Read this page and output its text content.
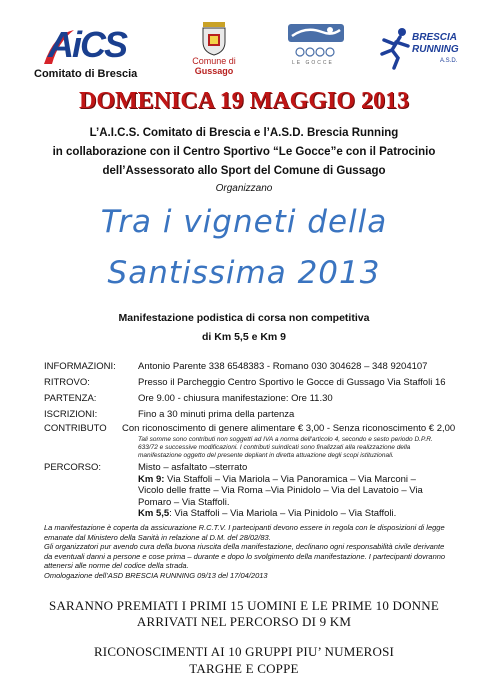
AiCS
Comitato di Brescia
Comune di
Gussago
LE GOCCE
BRESCIA
RUNNING
A.S.D.
DOMENICA 19 MAGGIO 2013
L’A.I.C.S. Comitato di Brescia e l’A.S.D. Brescia Running
in collaborazione con il Centro Sportivo “Le Gocce”e con il Patrocinio
dell’Assessorato allo Sport del Comune di Gussago
Organizzano
Tra i vigneti della
Santissima 2013
Manifestazione podistica di corsa non competitiva
di Km 5,5 e Km 9
INFORMAZIONI: Antonio Parente 338 6548383 - Romano 030 304628 – 348 9204107
RITROVO:	Presso il Parcheggio Centro Sportivo le Gocce di Gussago Via Staffoli 16
PARTENZA:	Ore 9.00 - chiusura manifestazione: Ore 11.30
ISCRIZIONI:	Fino a 30 minuti prima della partenza
CONTRIBUTO Con riconoscimento di genere alimentare € 3,00 - Senza riconoscimento € 2,00
Tali somme sono contributi non soggetti ad IVA a norma dell'articolo 4, secondo e sesto periodo D.P.R. 633/72 e successive modificazioni. I contributi suindicati sono finalizzati alla realizzazione della manifestazione oggetto del presente depliant in diretta attuazione degli scopi istituzionali.
PERCORSO:	Misto – asfaltato –sterrato
Km 9: Via Staffoli – Via Mariola – Via Panoramica – Via Marconi – Vicolo delle fratte – Via Roma –Via Pinidolo – Via del Lavatoio – Via Pomaro – Via Staffoli.
Km 5,5: Via Staffoli – Via Mariola – Via Pinidolo – Via Staffoli.
La manifestazione è coperta da assicurazione R.C.T.V. I partecipanti devono essere in regola con le disposizioni di legge emanate dal Ministero della Sanità in relazione al D.M. del 28/02/83.
Gli organizzatori pur avendo cura della buona riuscita della manifestazione, declinano ogni responsabilità civile derivante da eventuali danni a persone e cose prima – durante e dopo lo svolgimento della manifestazione. I partecipanti dovranno attenersi alle norme del codice della strada.
Omologazione dell’ASD BRESCIA RUNNING 09/13 del 17/04/2013
SARANNO PREMIATI I PRIMI 15 UOMINI E LE PRIME 10 DONNE
ARRIVATI NEL PERCORSO DI 9 KM
RICONOSCIMENTI AI 10 GRUPPI PIU’ NUMEROSI
TARGHE E COPPE
